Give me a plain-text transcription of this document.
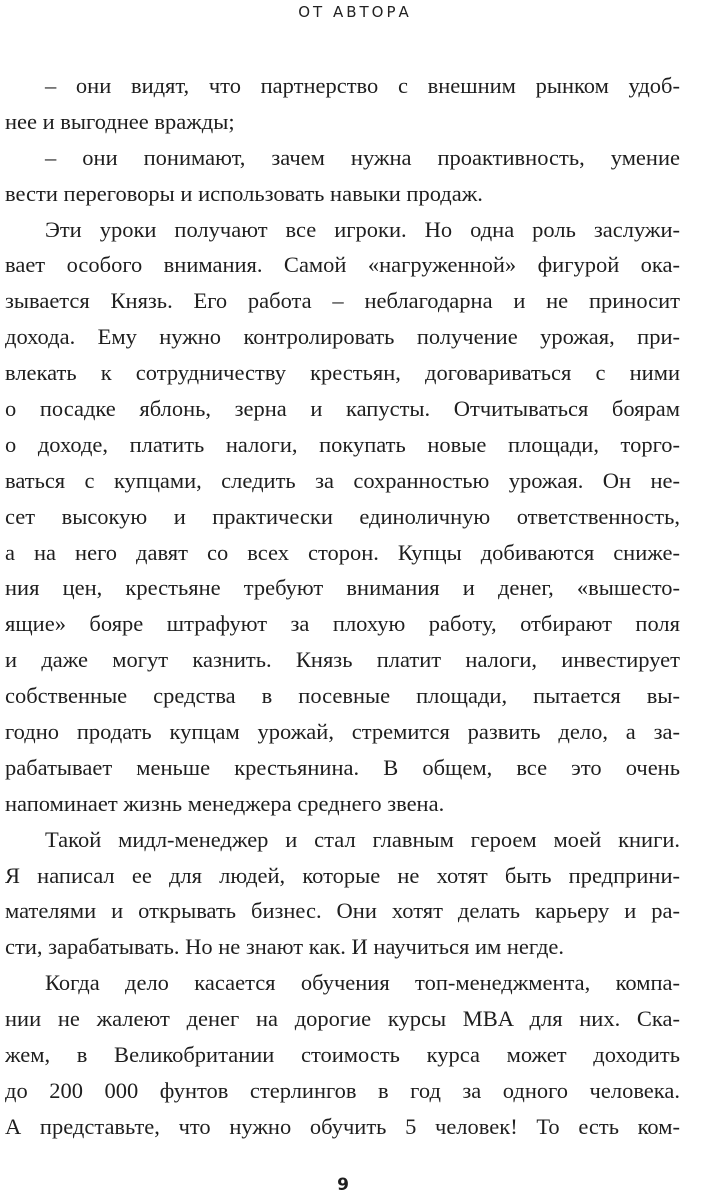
ОТ АВТОРА
– они видят, что партнерство с внешним рынком удоб-
нее и выгоднее вражды;
– они понимают, зачем нужна проактивность, умение
вести переговоры и использовать навыки продаж.
Эти уроки получают все игроки. Но одна роль заслужи-
вает особого внимания. Самой «нагруженной» фигурой ока-
зывается Князь. Его работа – неблагодарна и не приносит
дохода. Ему нужно контролировать получение урожая, при-
влекать к сотрудничеству крестьян, договариваться с ними
о посадке яблонь, зерна и капусты. Отчитываться боярам
о доходе, платить налоги, покупать новые площади, торго-
ваться с купцами, следить за сохранностью урожая. Он не-
сет высокую и практически единоличную ответственность,
а на него давят со всех сторон. Купцы добиваются сниже-
ния цен, крестьяне требуют внимания и денег, «вышесто-
ящие» бояре штрафуют за плохую работу, отбирают поля
и даже могут казнить. Князь платит налоги, инвестирует
собственные средства в посевные площади, пытается вы-
годно продать купцам урожай, стремится развить дело, а за-
рабатывает меньше крестьянина. В общем, все это очень
напоминает жизнь менеджера среднего звена.
Такой мидл-менеджер и стал главным героем моей книги.
Я написал ее для людей, которые не хотят быть предприни-
мателями и открывать бизнес. Они хотят делать карьеру и ра-
сти, зарабатывать. Но не знают как. И научиться им негде.
Когда дело касается обучения топ-менеджмента, компа-
нии не жалеют денег на дорогие курсы MBA для них. Ска-
жем, в Великобритании стоимость курса может доходить
до 200 000 фунтов стерлингов в год за одного человека.
А представьте, что нужно обучить 5 человек! То есть ком-
9
